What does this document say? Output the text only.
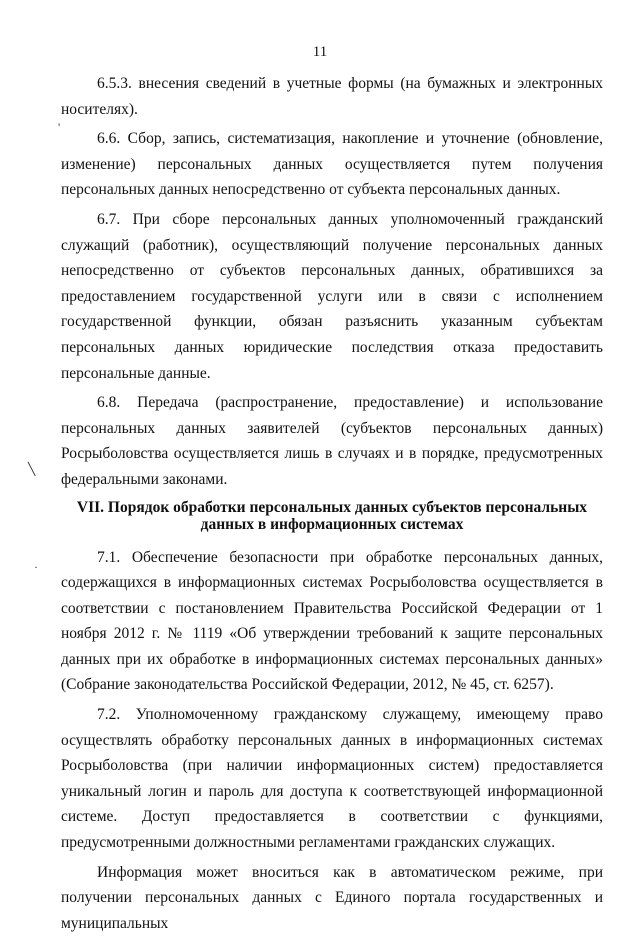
11
╲
·
'

6.5.3. внесения сведений в учетные формы (на бумажных и электронных носителях).

6.6. Сбор, запись, систематизация, накопление и уточнение (обновление, изменение) персональных данных осуществляется путем получения персональных данных непосредственно от субъекта персональных данных.

6.7. При сборе персональных данных уполномоченный гражданский служащий (работник), осуществляющий получение персональных данных непосредственно от субъектов персональных данных, обратившихся за предоставлением государственной услуги или в связи с исполнением государственной функции, обязан разъяснить указанным субъектам персональных данных юридические последствия отказа предоставить персональные данные.

6.8. Передача (распространение, предоставление) и использование персональных данных заявителей (субъектов персональных данных) Росрыболовства осуществляется лишь в случаях и в порядке, предусмотренных федеральными законами.

VII. Порядок обработки персональных данных субъектов персональных

данных в информационных системах

7.1. Обеспечение безопасности при обработке персональных данных, содержащихся в информационных системах Росрыболовства осуществляется в соответствии с постановлением Правительства Российской Федерации от 1 ноября 2012 г. № 1119 «Об утверждении требований к защите персональных данных при их обработке в информационных системах персональных данных» (Собрание законодательства Российской Федерации, 2012, № 45, ст. 6257).

7.2. Уполномоченному гражданскому служащему, имеющему право осуществлять обработку персональных данных в информационных системах Росрыболовства (при наличии информационных систем) предоставляется уникальный логин и пароль для доступа к соответствующей информационной системе. Доступ предоставляется в соответствии с функциями, предусмотренными должностными регламентами гражданских служащих.

Информация может вноситься как в автоматическом режиме, при получении персональных данных с Единого портала государственных и муниципальных
